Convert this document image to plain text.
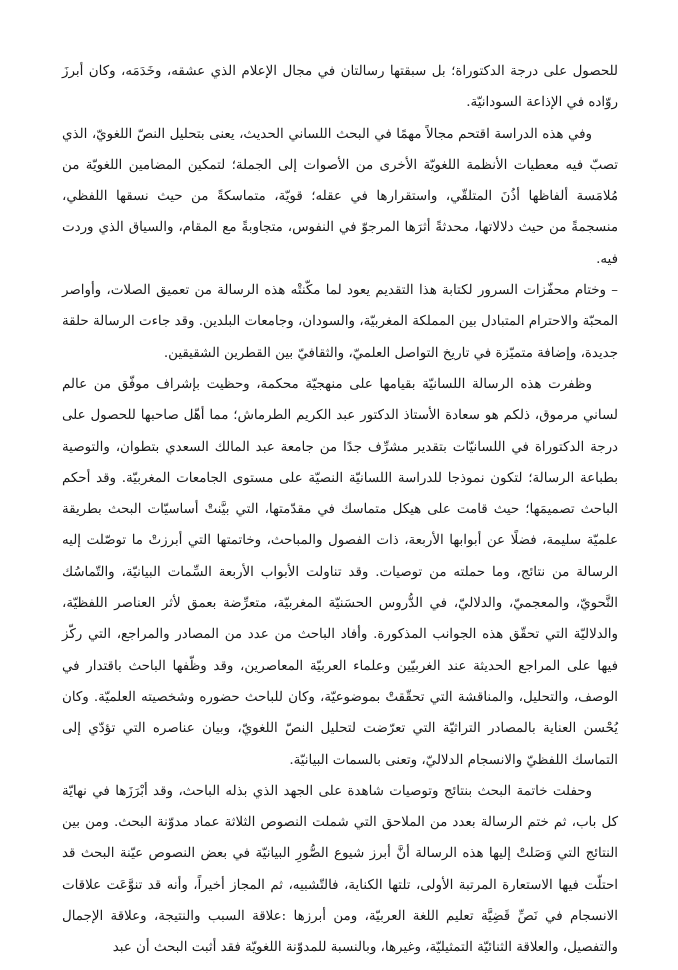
للحصول على درجة الدكتوراة؛ بل سبقتها رسالتان في مجال الإعلام الذي عشقه، وخَدَمَه، وكان أبرزَ روّاده في الإذاعة السودانيّة.

وفي هذه الدراسة اقتحم مجالاً مهمًا في البحث اللساني الحديث، يعنى بتحليل النصّ اللغويّ، الذي تصبّ فيه معطيات الأنظمة اللغويّة الأخرى من الأصوات إلى الجملة؛ لتمكين المضامين اللغويّة من مُلامَسة ألفاظها أذُنَ المتلقّي، واستقرارها في عقله؛ قويّة، متماسكةً من حيث نسقها اللفظي، منسجمةً من حيث دلالاتها، محدثةً أثرَها المرجوّ في النفوس، متجاوبةً مع المقام، والسياق الذي وردت فيه.

– وختام محفّزات السرور لكتابة هذا التقديم يعود لما مكّنتْه هذه الرسالة من تعميق الصلات، وأواصر المحبّة والاحترام المتبادل بين المملكة المغربيّة، والسودان، وجامعات البلدين. وقد جاءت الرسالة حلقة جديدة، وإضافة متميّزة في تاريخ التواصل العلميّ، والثقافيّ بين القطرين الشقيقين.

وظفرت هذه الرسالة اللسانيّة بقيامها على منهجيّة محكمة، وحظيت بإشراف موفّق من عالم لساني مرموق، ذلكم هو سعادة الأستاذ الدكتور عبد الكريم الطرماش؛ مما أهّل صاحبها للحصول على درجة الدكتوراة في اللسانيّات بتقدير مشرِّف جدًا من جامعة عبد المالك السعدي بتطوان، والتوصية بطباعة الرسالة؛ لتكون نموذجا للدراسة اللسانيّة النصيّة على مستوى الجامعات المغربيّة. وقد أحكم الباحث تصميمَها؛ حيث قامت على هيكل متماسك في مقدّمتها، التي بيَّنتْ أساسيّات البحث بطريقة علميّة سليمة، فضلًا عن أبوابها الأربعة، ذات الفصول والمباحث، وخاتمتها التي أبرزتْ ما توصّلت إليه الرسالة من نتائج، وما حملته من توصيات. وقد تناولت الأبواب الأربعة السِّمات البيانيّة، والتّماسُك النَّحويّ، والمعجميّ، والدلاليّ، في الدُّروس الحسَنيّة المغربيّة، متعرِّضة بعمق لأثر العناصر اللفظيّة، والدلاليّة التي تحقّق هذه الجوانب المذكورة. وأفاد الباحث من عدد من المصادر والمراجع، التي ركّز فيها على المراجع الحديثة عند الغربيّين وعلماء العربيّة المعاصرين، وقد وظّفها الباحث باقتدار في الوصف، والتحليل، والمناقشة التي تحقّقتْ بموضوعيّة، وكان للباحث حضوره وشخصيته العلميّة. وكان يُحْسن العناية بالمصادر التراثيّة التي تعرّضت لتحليل النصّ اللغويّ، وبيان عناصره التي تؤدّي إلى التماسك اللفظيّ والانسجام الدلاليّ، وتعنى بالسمات البيانيّة.

وحفلت خاتمة البحث بنتائج وتوصيات شاهدة على الجهد الذي بذله الباحث، وقد أبْرَزَها في نهايّة كل باب، ثم ختم الرسالة بعدد من الملاحق التي شملت النصوص الثلاثة عماد مدوّنة البحث. ومن بين النتائج التي وَصَلتْ إليها هذه الرسالة أنَّ أبرز شيوع الصُّورِ البيانيّة في بعض النصوص عيّنة البحث قد احتلّت فيها الاستعارة المرتبة الأولى، تلتها الكناية، فالتّشبيه، ثم المجاز أخيراً، وأنه قد تنوَّعَت علاقات الانسجام في نَصِّ قَضِيَّة تعليم اللغة العربيّة، ومن أبرزها :علاقة السبب والنتيجة، وعلاقة الإجمال والتفصيل، والعلاقة الثنائيّة التمثيليّة، وغيرها، وبالنسبة للمدوّنة اللغويّة فقد أثبت البحث أن عبد
